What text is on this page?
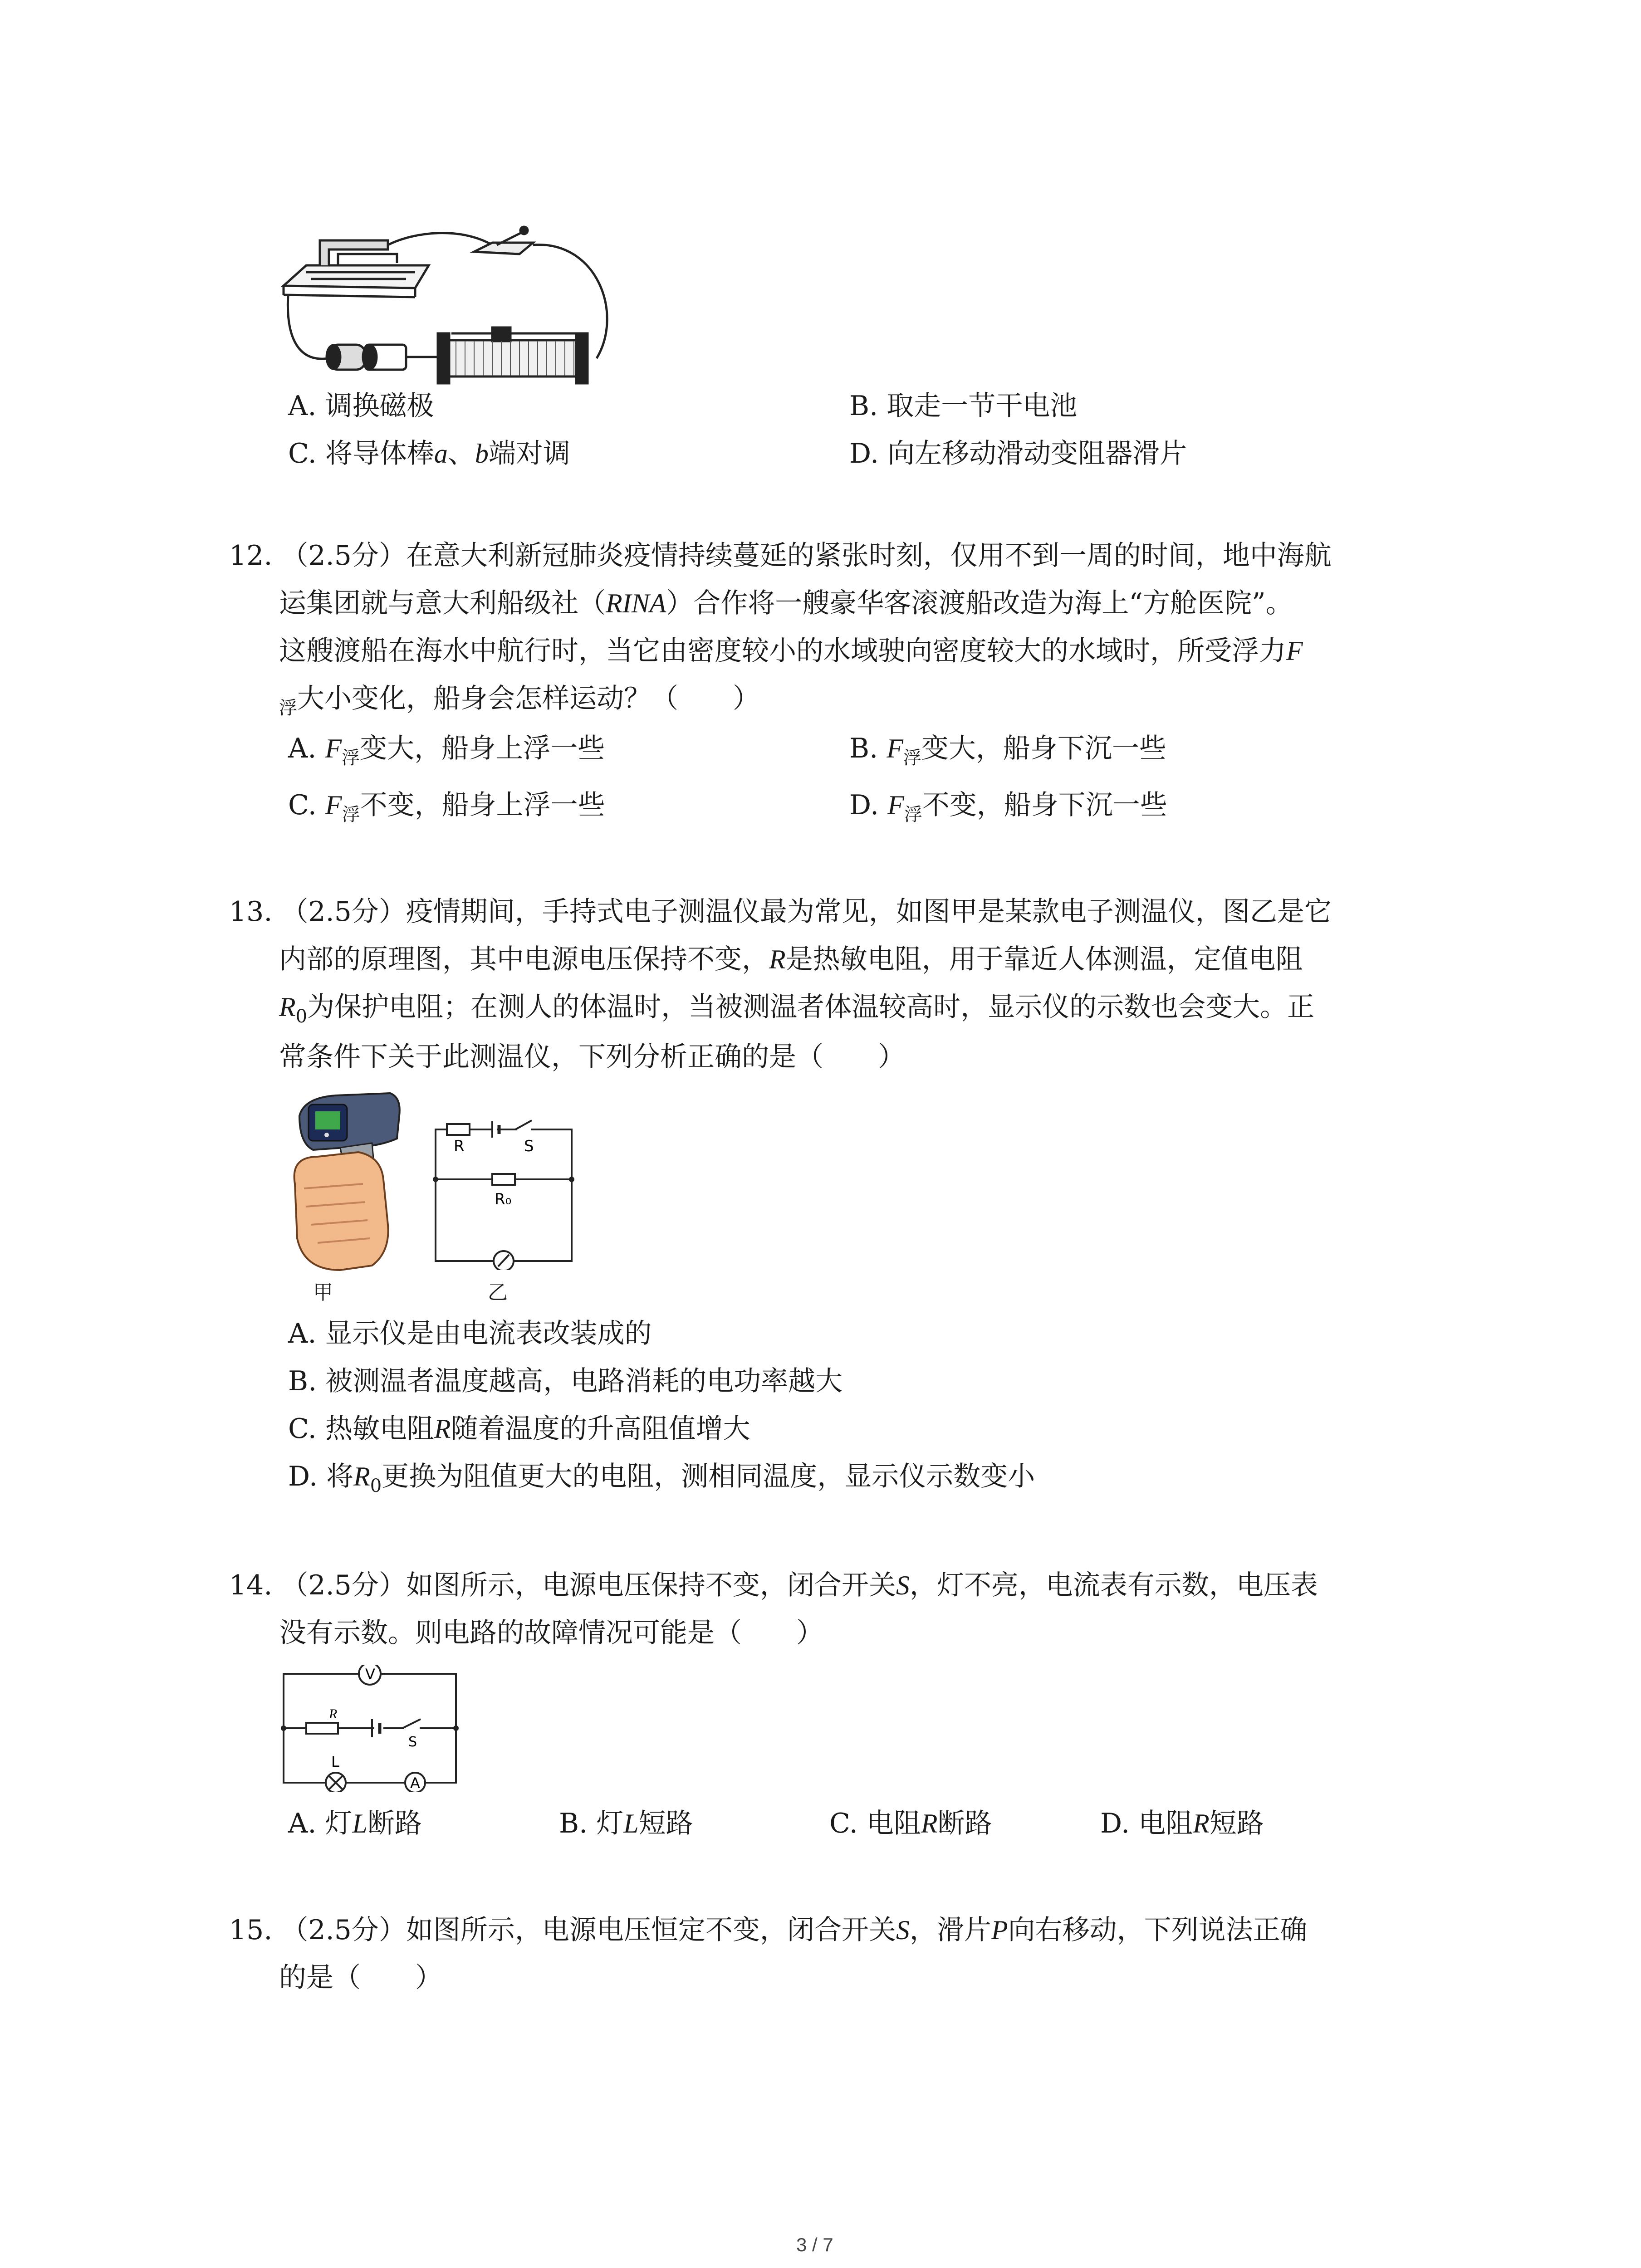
A. 调换磁极	B. 取走一节干电池
C. 将导体棒a、b端对调	D. 向左移动滑动变阻器滑片
12. （2.5分）在意大利新冠肺炎疫情持续蔓延的紧张时刻，仅用不到一周的时间，地中海航
运集团就与意大利船级社（RINA）合作将一艘豪华客滚渡船改造为海上“方舱医院”。
这艘渡船在海水中航行时，当它由密度较小的水域驶向密度较大的水域时，所受浮力F
$_浮$大小变化，船身会怎样运动？（　　）
A. $F_浮$变大，船身上浮一些	B. $F_浮$变大，船身下沉一些
C. $F_浮$不变，船身上浮一些	D. $F_浮$不变，船身下沉一些
13. （2.5分）疫情期间，手持式电子测温仪最为常见，如图甲是某款电子测温仪，图乙是它
内部的原理图，其中电源电压保持不变，R是热敏电阻，用于靠近人体测温，定值电阻
$R_0$为保护电阻；在测人的体温时，当被测温者体温较高时，显示仪的示数也会变大。正
常条件下关于此测温仪，下列分析正确的是（　　）
甲
R	S
R₀
乙
A. 显示仪是由电流表改装成的
B. 被测温者温度越高，电路消耗的电功率越大
C. 热敏电阻R随着温度的升高阻值增大
D. 将$R_0$更换为阻值更大的电阻，测相同温度，显示仪示数变小
14. （2.5分）如图所示，电源电压保持不变，闭合开关S，灯不亮，电流表有示数，电压表
没有示数。则电路的故障情况可能是（　　）
V
R
S
L
A
A. 灯L断路	B. 灯L短路	C. 电阻R断路	D. 电阻R短路
15. （2.5分）如图所示，电源电压恒定不变，闭合开关S，滑片P向右移动，下列说法正确
的是（　　）
3 / 7
